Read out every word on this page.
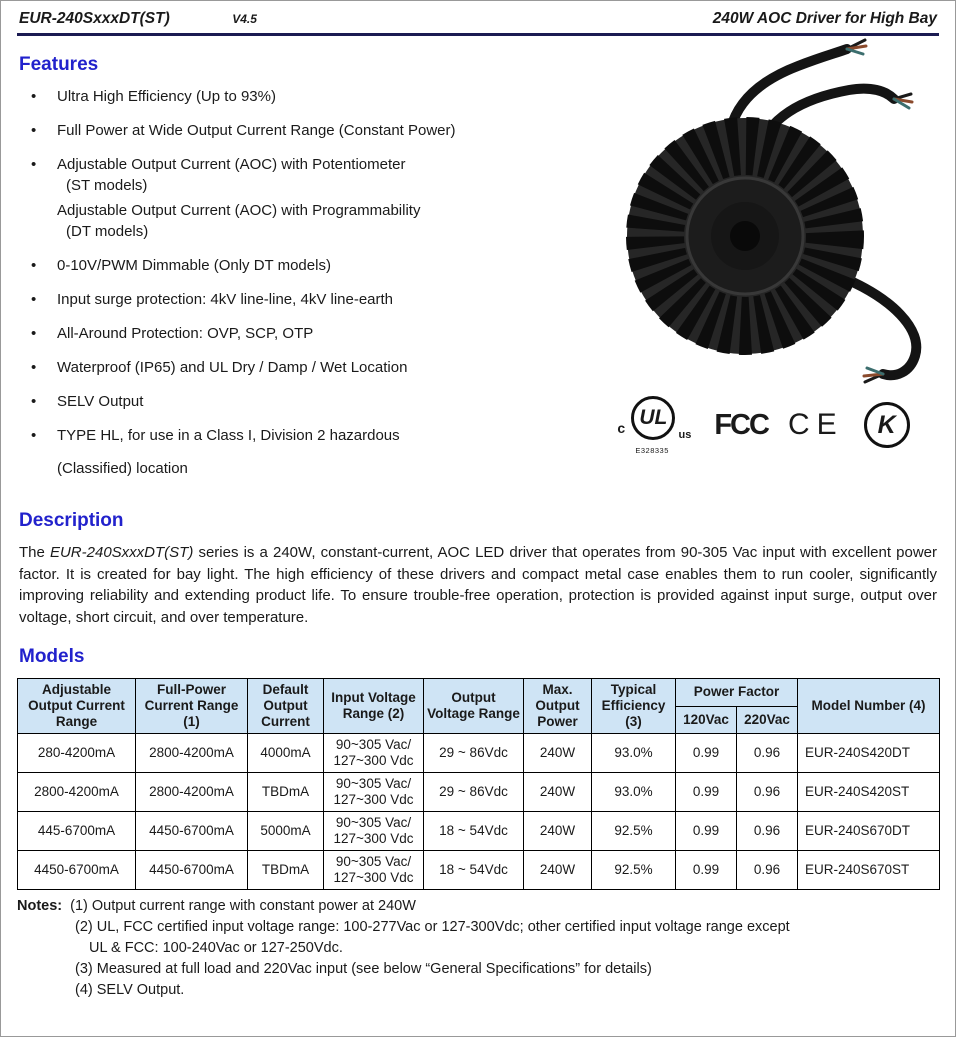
EUR-240SxxxDT(ST)	V4.5	240W AOC Driver for High Bay
Features
•
Ultra High Efficiency (Up to 93%)
•
Full Power at Wide Output Current Range (Constant Power)
•
Adjustable Output Current (AOC) with Potentiometer
(ST models)
Adjustable Output Current (AOC) with Programmability
(DT models)
•
0-10V/PWM Dimmable (Only DT models)
•
Input surge protection: 4kV line-line, 4kV line-earth
•
All-Around Protection: OVP, SCP, OTP
•
Waterproof (IP65) and UL Dry / Damp / Wet Location
•
SELV Output
•
TYPE HL, for use in a Class I, Division 2 hazardous
(Classified) location
c UL
us
E328335
FCC CE	K
Description

The EUR-240SxxxDT(ST) series is a 240W, constant-current, AOC LED driver that operates from 90-305 Vac input with excellent power factor. It is created for bay light. The high efficiency of these drivers and compact metal case enables them to run cooler, significantly improving reliability and extending product life. To ensure trouble-free operation, protection is provided against input surge, output over voltage, short circuit, and over temperature.

Models
Adjustable Output Current Range	Full-Power Current Range (1)	Default Output Current	Input Voltage Range (2)	Output Voltage Range	Max. Output Power	Typical Efficiency (3)	Power Factor		Model Number (4)
							120Vac	220Vac	
280-4200mA	2800-4200mA	4000mA	90~305 Vac/ 127~300 Vdc	29 ~ 86Vdc	240W	93.0%	0.99	0.96	EUR-240S420DT
2800-4200mA	2800-4200mA	TBDmA	90~305 Vac/ 127~300 Vdc	29 ~ 86Vdc	240W	93.0%	0.99	0.96	EUR-240S420ST
445-6700mA	4450-6700mA	5000mA	90~305 Vac/ 127~300 Vdc	18 ~ 54Vdc	240W	92.5%	0.99	0.96	EUR-240S670DT
4450-6700mA	4450-6700mA	TBDmA	90~305 Vac/ 127~300 Vdc	18 ~ 54Vdc	240W	92.5%	0.99	0.96	EUR-240S670ST
Notes: (1) Output current range with constant power at 240W
(2) UL, FCC certified input voltage range: 100-277Vac or 127-300Vdc; other certified input voltage range except
UL & FCC: 100-240Vac or 127-250Vdc.
(3) Measured at full load and 220Vac input (see below “General Specifications” for details)
(4) SELV Output.
